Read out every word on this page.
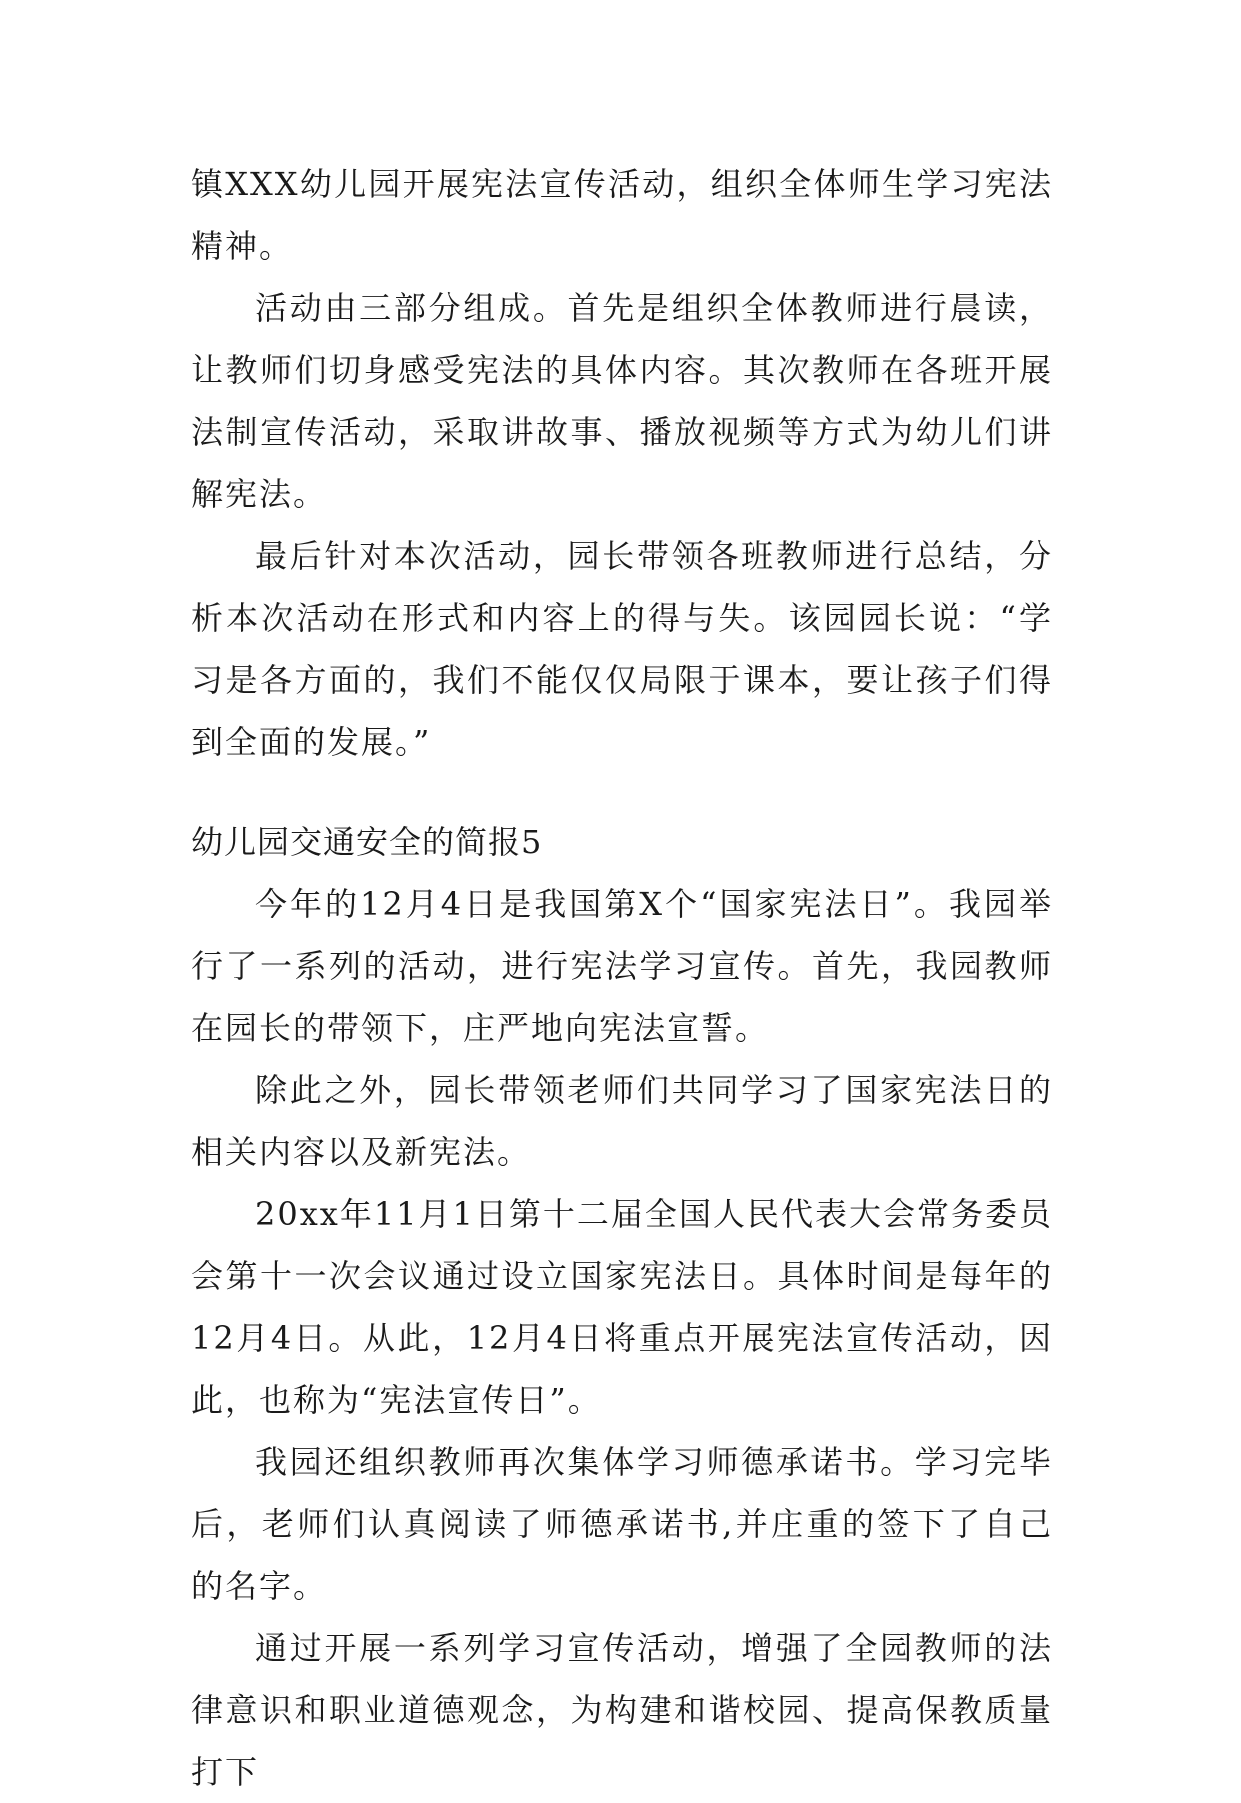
镇XXX幼儿园开展宪法宣传活动，组织全体师生学习宪法精神。

活动由三部分组成。首先是组织全体教师进行晨读，让教师们切身感受宪法的具体内容。其次教师在各班开展法制宣传活动，采取讲故事、播放视频等方式为幼儿们讲解宪法。

最后针对本次活动，园长带领各班教师进行总结，分析本次活动在形式和内容上的得与失。该园园长说：“学习是各方面的，我们不能仅仅局限于课本，要让孩子们得到全面的发展。”

幼儿园交通安全的简报5

今年的12月4日是我国第X个“国家宪法日”。我园举行了一系列的活动，进行宪法学习宣传。首先，我园教师在园长的带领下，庄严地向宪法宣誓。

除此之外，园长带领老师们共同学习了国家宪法日的相关内容以及新宪法。

20xx年11月1日第十二届全国人民代表大会常务委员会第十一次会议通过设立国家宪法日。具体时间是每年的12月4日。从此，12月4日将重点开展宪法宣传活动，因此，也称为“宪法宣传日”。

我园还组织教师再次集体学习师德承诺书。学习完毕后，老师们认真阅读了师德承诺书,并庄重的签下了自己的名字。

通过开展一系列学习宣传活动，增强了全园教师的法律意识和职业道德观念，为构建和谐校园、提高保教质量打下
